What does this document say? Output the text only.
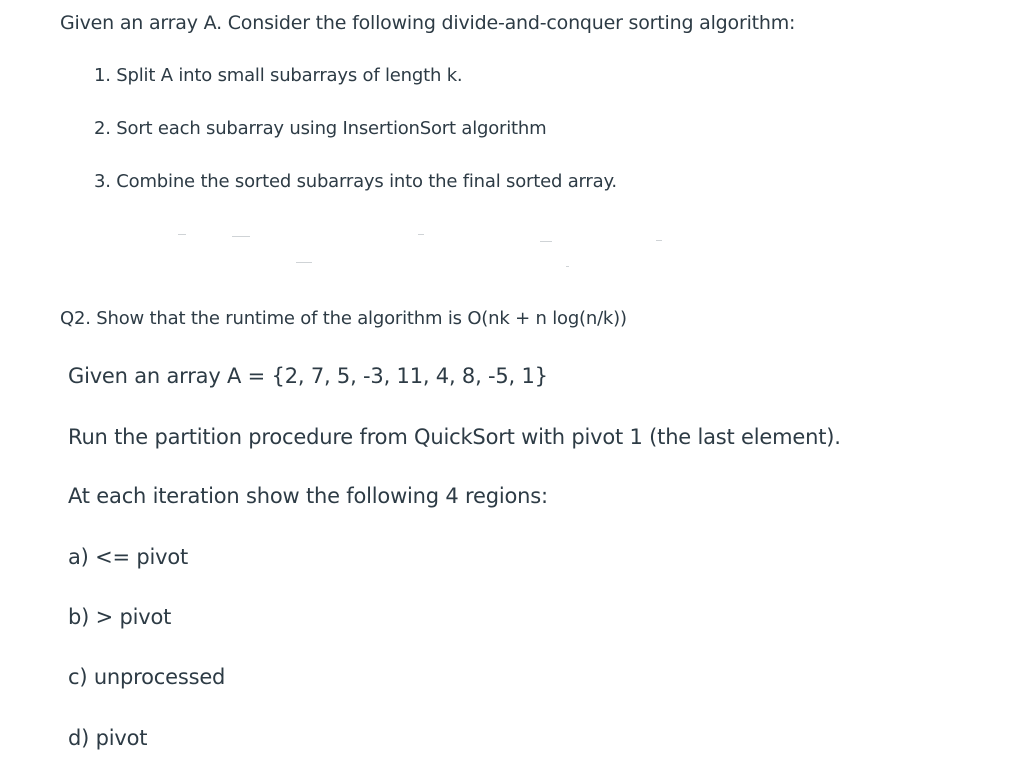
Given an array A. Consider the following divide-and-conquer sorting algorithm:
1. Split A into small subarrays of length k.
2. Sort each subarray using InsertionSort algorithm
3. Combine the sorted subarrays into the final sorted array.
Q2. Show that the runtime of the algorithm is O(nk + n log(n/k))
Given an array A = {2, 7, 5, -3, 11, 4, 8, -5, 1}
Run the partition procedure from QuickSort with pivot 1 (the last element).
At each iteration show the following 4 regions:
a) <= pivot
b) > pivot
c) unprocessed
d) pivot
